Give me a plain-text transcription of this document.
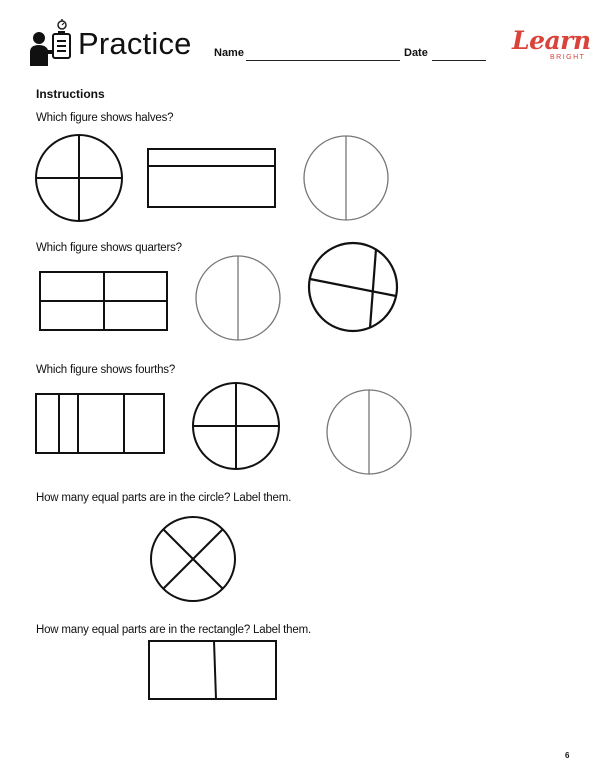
Practice Name	Date	Learn
BRIGHT
Instructions
Which figure shows halves?
Which figure shows quarters?
Which figure shows fourths?
How many equal parts are in the circle? Label them.
How many equal parts are in the rectangle? Label them.
6
